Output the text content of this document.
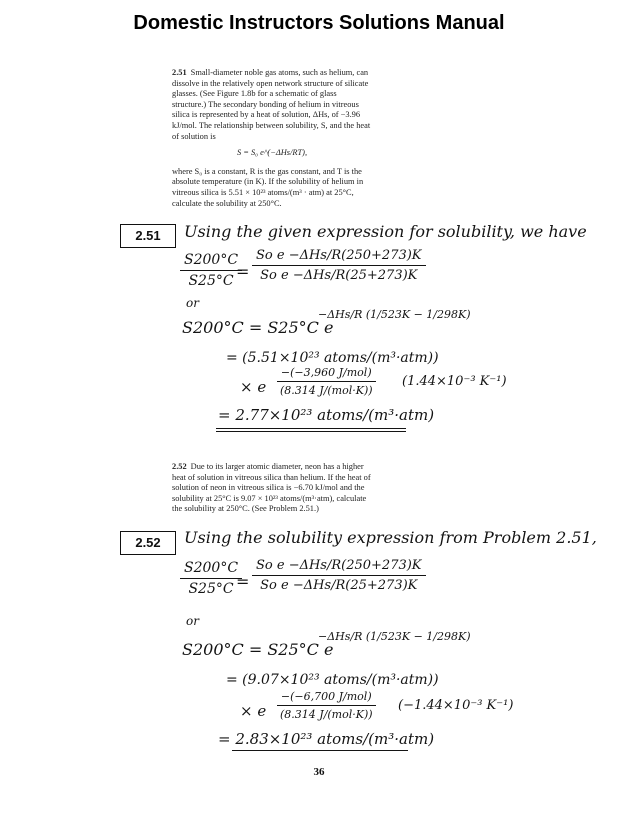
Domestic Instructors Solutions Manual

2.51 Small-diameter noble gas atoms, such as helium, can dissolve in the relatively open network structure of silicate glasses. (See Figure 1.8b for a schematic of glass structure.) The secondary bonding of helium in vitreous silica is represented by a heat of solution, ΔHs, of −3.96 kJ/mol. The relationship between solubility, S, and the heat of solution is

S = S₀ e^(−ΔHs/RT),

where S₀ is a constant, R is the gas constant, and T is the absolute temperature (in K). If the solubility of helium in vitreous silica is 5.51 × 10²³ atoms/(m³ · atm) at 25°C, calculate the solubility at 250°C.

2.51	Using the given expression for solubility, we have
$\frac{S200^\circ C}{S25^\circ C}$
=
So e −ΔHs/R(250+273)K
So e −ΔHs/R(25+273)K
or
S200°C = S25°C e
−ΔHs/R (1/523K − 1/298K)
= (5.51×10²³ atoms/(m³·atm))
× e
−(−3,960 J/mol)
(8.314 J/(mol·K))
(1.44×10⁻³ K⁻¹)
= 2.77×10²³ atoms/(m³·atm)

2.52 Due to its larger atomic diameter, neon has a higher heat of solution in vitreous silica than helium. If the heat of solution of neon in vitreous silica is −6.70 kJ/mol and the solubility at 25°C is 9.07 × 10²³ atoms/(m³·atm), calculate the solubility at 250°C. (See Problem 2.51.)

2.52	Using the solubility expression from Problem 2.51,
$\frac{S200^\circ C}{S25^\circ C}$
=
So e −ΔHs/R(250+273)K
So e −ΔHs/R(25+273)K
or
S200°C = S25°C e
−ΔHs/R (1/523K − 1/298K)
= (9.07×10²³ atoms/(m³·atm))
× e
−(−6,700 J/mol)
(8.314 J/(mol·K))
(−1.44×10⁻³ K⁻¹)
= 2.83×10²³ atoms/(m³·atm)
36
